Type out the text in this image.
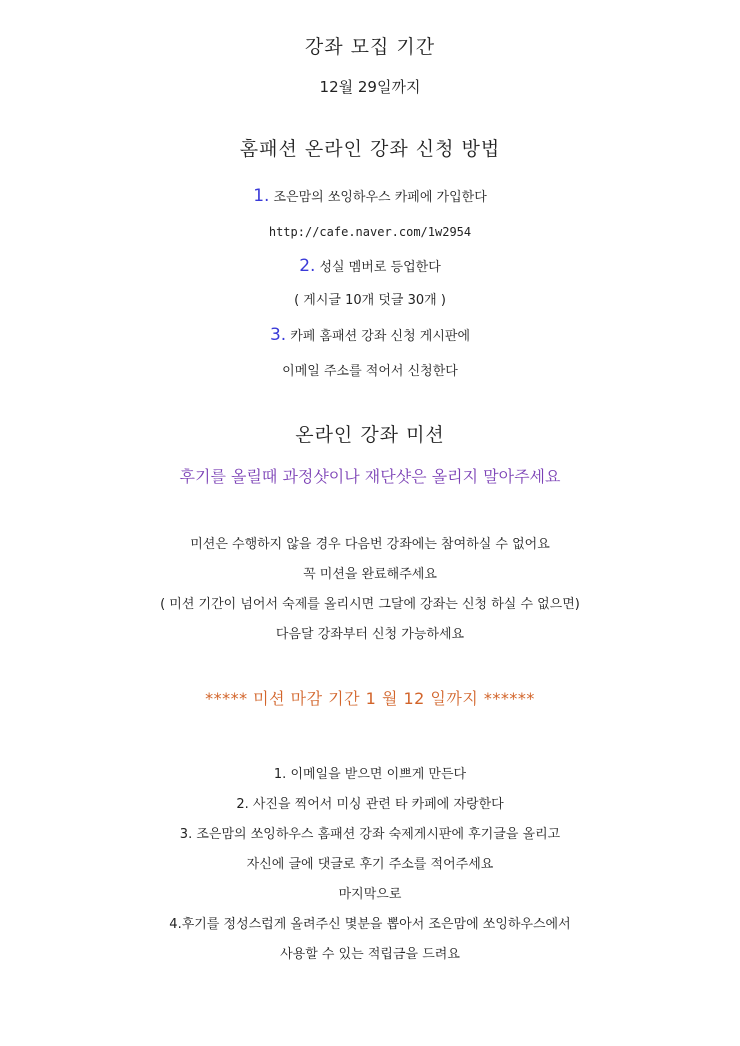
강좌 모집 기간
12월 29일까지
홈패션 온라인 강좌 신청 방법
1. 조은맘의 쏘잉하우스 카페에 가입한다
http://cafe.naver.com/1w2954
2. 성실 멤버로 등업한다
( 게시글 10개 덧글 30개 )
3. 카페 홈패션 강좌 신청 게시판에
이메일 주소를 적어서 신청한다
온라인 강좌 미션
후기를 올릴때 과정샷이나 재단샷은 올리지 말아주세요
미션은 수행하지 않을 경우 다음번 강좌에는 참여하실 수 없어요
꼭 미션을 완료해주세요
( 미션 기간이 넘어서 숙제를 올리시면 그달에 강좌는 신청 하실 수 없으면)
다음달 강좌부터 신청 가능하세요
***** 미션 마감 기간 1 월 12 일까지 ******
1. 이메일을 받으면 이쁘게 만든다
2. 사진을 찍어서 미싱 관련 타 카페에 자랑한다
3. 조은맘의 쏘잉하우스 홈패션 강좌 숙제게시판에 후기글을 올리고
자신에 글에 댓글로 후기 주소를 적어주세요
마지막으로
4.후기를 정성스럽게 올려주신 몇분을 뽑아서 조은맘에 쏘잉하우스에서
사용할 수 있는 적립금을 드려요
